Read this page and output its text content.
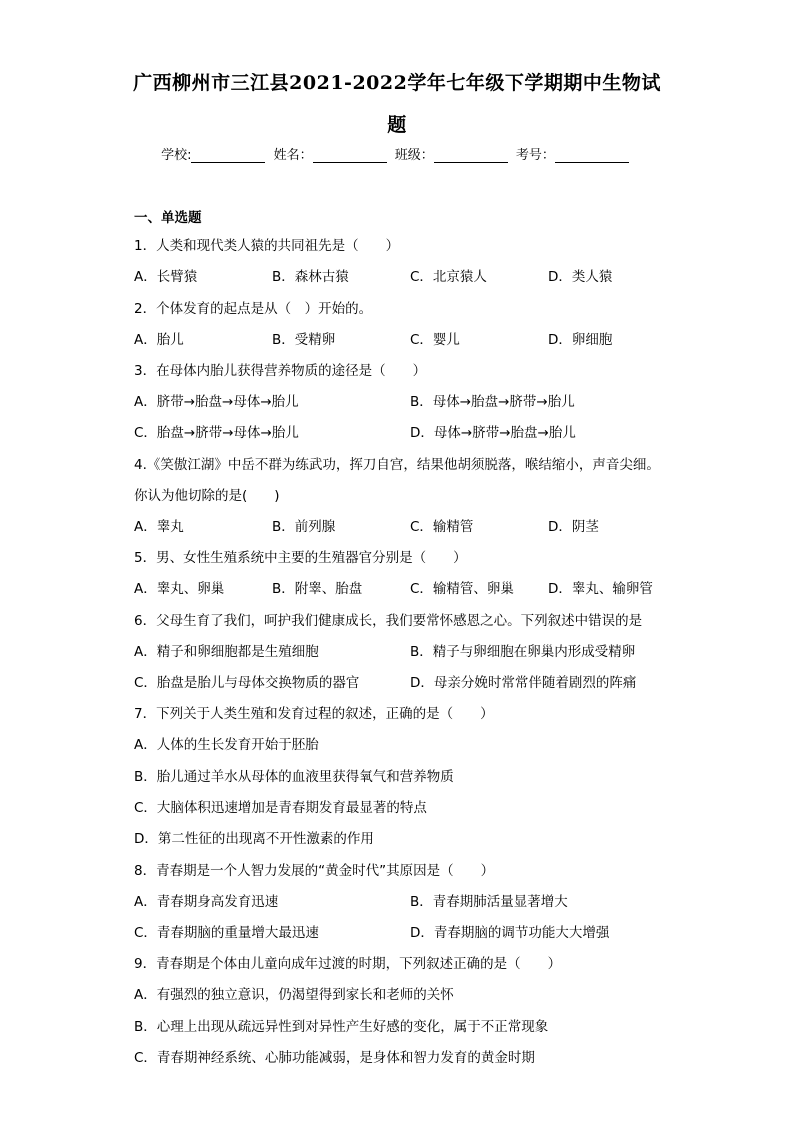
广西柳州市三江县2021-2022学年七年级下学期期中生物试
题
学校:	姓名：	班级：	考号：
一、单选题
1．人类和现代类人猿的共同祖先是（　　）
A．长臂猿	B．森林古猿	C．北京猿人	D．类人猿
2．个体发育的起点是从（　）开始的。
A．胎儿	B．受精卵	C．婴儿	D．卵细胞
3．在母体内胎儿获得营养物质的途径是（　　）
A．脐带→胎盘→母体→胎儿	B．母体→胎盘→脐带→胎儿
C．胎盘→脐带→母体→胎儿	D．母体→脐带→胎盘→胎儿
4.《笑傲江湖》中岳不群为练武功，挥刀自宫，结果他胡须脱落，喉结缩小，声音尖细。
你认为他切除的是(　　)
A．睾丸	B．前列腺	C．输精管	D．阴茎
5．男、女性生殖系统中主要的生殖器官分别是（　　）
A．睾丸、卵巢	B．附睾、胎盘	C．输精管、卵巢	D．睾丸、输卵管
6．父母生育了我们，呵护我们健康成长，我们要常怀感恩之心。下列叙述中错误的是
A．精子和卵细胞都是生殖细胞	B．精子与卵细胞在卵巢内形成受精卵
C．胎盘是胎儿与母体交换物质的器官	D．母亲分娩时常常伴随着剧烈的阵痛
7．下列关于人类生殖和发育过程的叙述，正确的是（　　）
A．人体的生长发育开始于胚胎
B．胎儿通过羊水从母体的血液里获得氧气和营养物质
C．大脑体积迅速增加是青春期发育最显著的特点
D．第二性征的出现离不开性激素的作用
8．青春期是一个人智力发展的“黄金时代”其原因是（　　）
A．青春期身高发育迅速	B．青春期肺活量显著增大
C．青春期脑的重量增大最迅速	D．青春期脑的调节功能大大增强
9．青春期是个体由儿童向成年过渡的时期，下列叙述正确的是（　　）
A．有强烈的独立意识，仍渴望得到家长和老师的关怀
B．心理上出现从疏远异性到对异性产生好感的变化，属于不正常现象
C．青春期神经系统、心肺功能减弱，是身体和智力发育的黄金时期
